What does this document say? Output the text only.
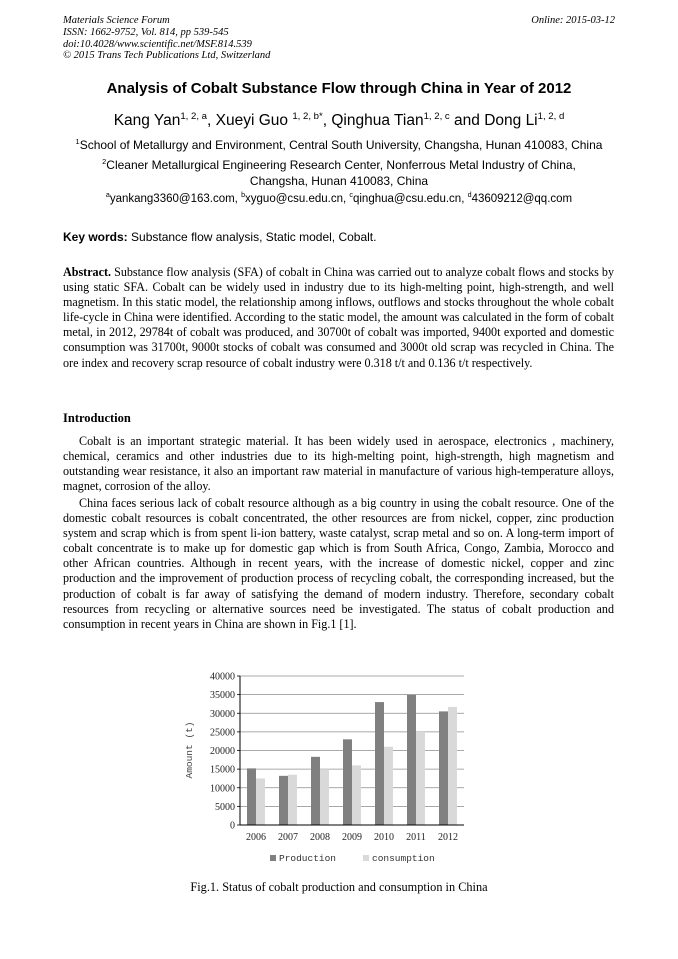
Materials Science Forum
ISSN: 1662-9752, Vol. 814, pp 539-545
doi:10.4028/www.scientific.net/MSF.814.539
© 2015 Trans Tech Publications Ltd, Switzerland
Online: 2015-03-12
Analysis of Cobalt Substance Flow through China in Year of 2012
Kang Yan$^{1, 2, a}$, Xueyi Guo $^{1, 2, b*}$, Qinghua Tian$^{1, 2, c}$ and Dong Li$^{1, 2, d}$
$^1$School of Metallurgy and Environment, Central South University, Changsha, Hunan 410083, China
$^2$Cleaner Metallurgical Engineering Research Center, Nonferrous Metal Industry of China,
Changsha, Hunan 410083, China
$^a$yankang3360@163.com, $^b$xyguo@csu.edu.cn, $^c$qinghua@csu.edu.cn, $^d$43609212@qq.com
Key words: Substance flow analysis, Static model, Cobalt.
Abstract. Substance flow analysis (SFA) of cobalt in China was carried out to analyze cobalt flows and stocks by using static SFA. Cobalt can be widely used in industry due to its high-melting point, high-strength, and well magnetism. In this static model, the relationship among inflows, outflows and stocks throughout the whole cobalt life-cycle in China were identified. According to the static model, the amount was calculated in the form of cobalt metal, in 2012, 29784t of cobalt was produced, and 30700t of cobalt was imported, 9400t exported and domestic consumption was 31700t, 9000t stocks of cobalt was consumed and 3000t old scrap was recycled in China. The ore index and recovery scrap resource of cobalt industry were 0.318 t/t and 0.136 t/t respectively.
Introduction
Cobalt is an important strategic material. It has been widely used in aerospace, electronics , machinery, chemical, ceramics and other industries due to its high-melting point, high-strength, high magnetism and outstanding wear resistance, it also an important raw material in manufacture of various high-temperature alloys, magnet, corrosion of the alloy.
China faces serious lack of cobalt resource although as a big country in using the cobalt resource. One of the domestic cobalt resources is cobalt concentrated, the other resources are from nickel, copper, zinc production system and scrap which is from spent li-ion battery, waste catalyst, scrap metal and so on. A long-term import of cobalt concentrate is to make up for domestic gap which is from South Africa, Congo, Zambia, Morocco and other African countries. Although in recent years, with the increase of domestic nickel, copper and zinc production and the improvement of production process of recycling cobalt, the corresponding increased, but the production of cobalt is far away of satisfying the demand of modern industry. Therefore, secondary cobalt resources from recycling or alternative sources need be investigated. The status of cobalt production and consumption in recent years in China are shown in Fig.1 [1].
0
5000
10000
15000
20000
25000
30000
35000
40000
2006 2007 2008 2009 2010 2011 2012
Amount (t)
Production	consumption
Fig.1. Status of cobalt production and consumption in China
